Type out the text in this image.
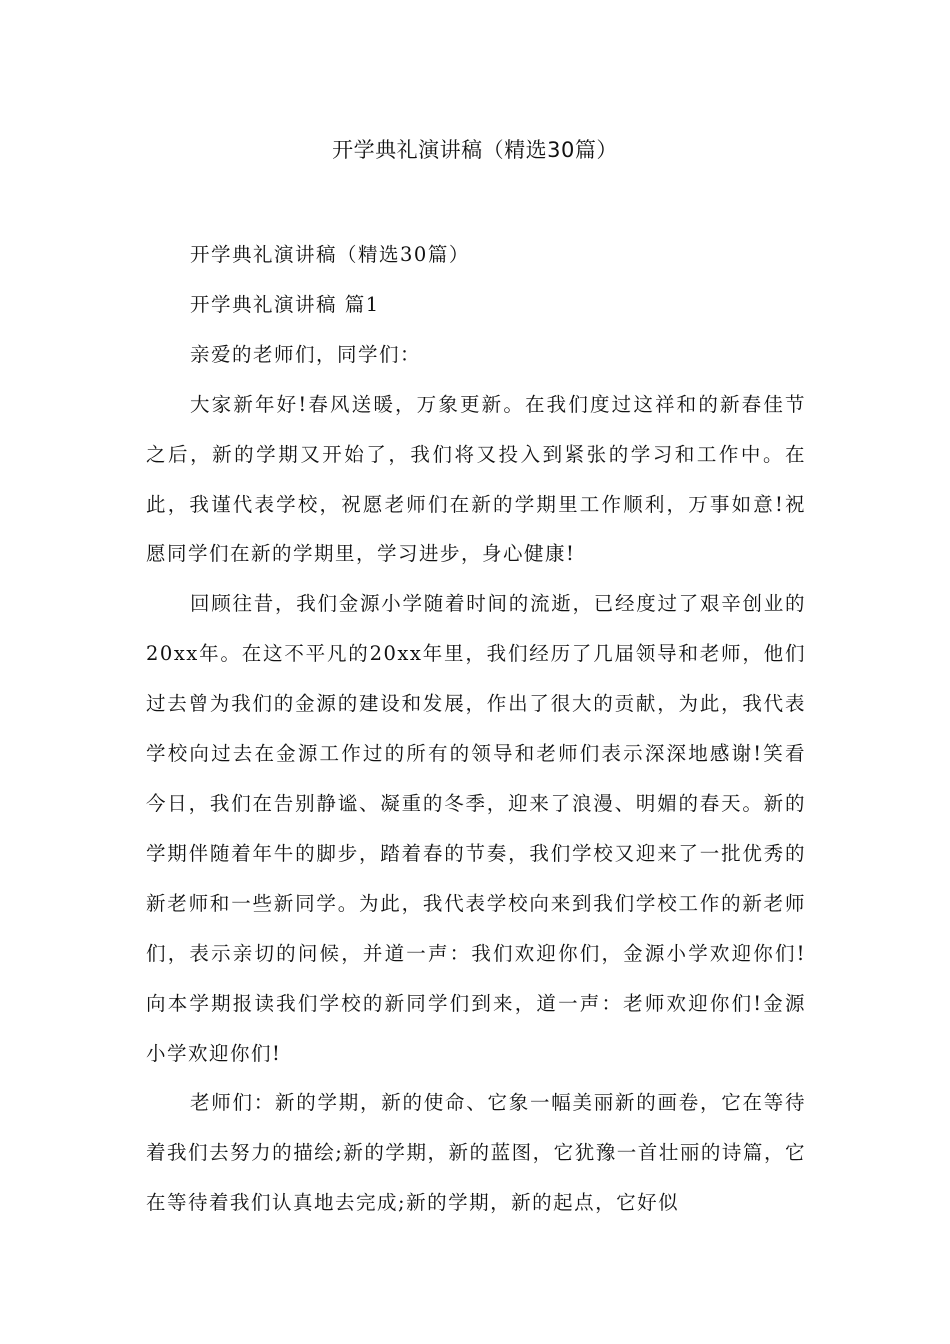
开学典礼演讲稿（精选30篇）

开学典礼演讲稿（精选30篇）

开学典礼演讲稿 篇1

亲爱的老师们，同学们：

大家新年好!春风送暖，万象更新。在我们度过这祥和的新春佳节之后，新的学期又开始了，我们将又投入到紧张的学习和工作中。在此，我谨代表学校，祝愿老师们在新的学期里工作顺利，万事如意!祝愿同学们在新的学期里，学习进步，身心健康!

回顾往昔，我们金源小学随着时间的流逝，已经度过了艰辛创业的20xx年。在这不平凡的20xx年里，我们经历了几届领导和老师，他们过去曾为我们的金源的建设和发展，作出了很大的贡献，为此，我代表学校向过去在金源工作过的所有的领导和老师们表示深深地感谢!笑看今日，我们在告别静谧、凝重的冬季，迎来了浪漫、明媚的春天。新的学期伴随着年牛的脚步，踏着春的节奏，我们学校又迎来了一批优秀的新老师和一些新同学。为此，我代表学校向来到我们学校工作的新老师们，表示亲切的问候，并道一声：我们欢迎你们，金源小学欢迎你们!向本学期报读我们学校的新同学们到来，道一声：老师欢迎你们!金源小学欢迎你们!

老师们：新的学期，新的使命、它象一幅美丽新的画卷，它在等待着我们去努力的描绘;新的学期，新的蓝图，它犹豫一首壮丽的诗篇，它在等待着我们认真地去完成;新的学期，新的起点，它好似
